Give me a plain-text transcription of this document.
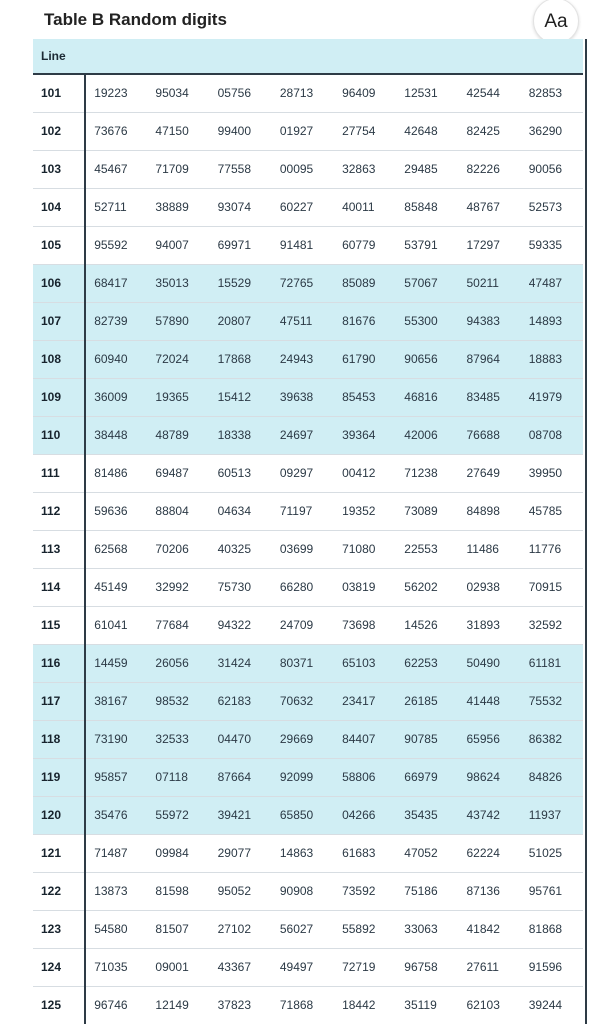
Table B Random digits	Aa
Line								
101	19223	95034	05756	28713	96409	12531	42544	82853
102	73676	47150	99400	01927	27754	42648	82425	36290
103	45467	71709	77558	00095	32863	29485	82226	90056
104	52711	38889	93074	60227	40011	85848	48767	52573
105	95592	94007	69971	91481	60779	53791	17297	59335
106	68417	35013	15529	72765	85089	57067	50211	47487
107	82739	57890	20807	47511	81676	55300	94383	14893
108	60940	72024	17868	24943	61790	90656	87964	18883
109	36009	19365	15412	39638	85453	46816	83485	41979
110	38448	48789	18338	24697	39364	42006	76688	08708
111	81486	69487	60513	09297	00412	71238	27649	39950
112	59636	88804	04634	71197	19352	73089	84898	45785
113	62568	70206	40325	03699	71080	22553	11486	11776
114	45149	32992	75730	66280	03819	56202	02938	70915
115	61041	77684	94322	24709	73698	14526	31893	32592
116	14459	26056	31424	80371	65103	62253	50490	61181
117	38167	98532	62183	70632	23417	26185	41448	75532
118	73190	32533	04470	29669	84407	90785	65956	86382
119	95857	07118	87664	92099	58806	66979	98624	84826
120	35476	55972	39421	65850	04266	35435	43742	11937
121	71487	09984	29077	14863	61683	47052	62224	51025
122	13873	81598	95052	90908	73592	75186	87136	95761
123	54580	81507	27102	56027	55892	33063	41842	81868
124	71035	09001	43367	49497	72719	96758	27611	91596
125	96746	12149	37823	71868	18442	35119	62103	39244
